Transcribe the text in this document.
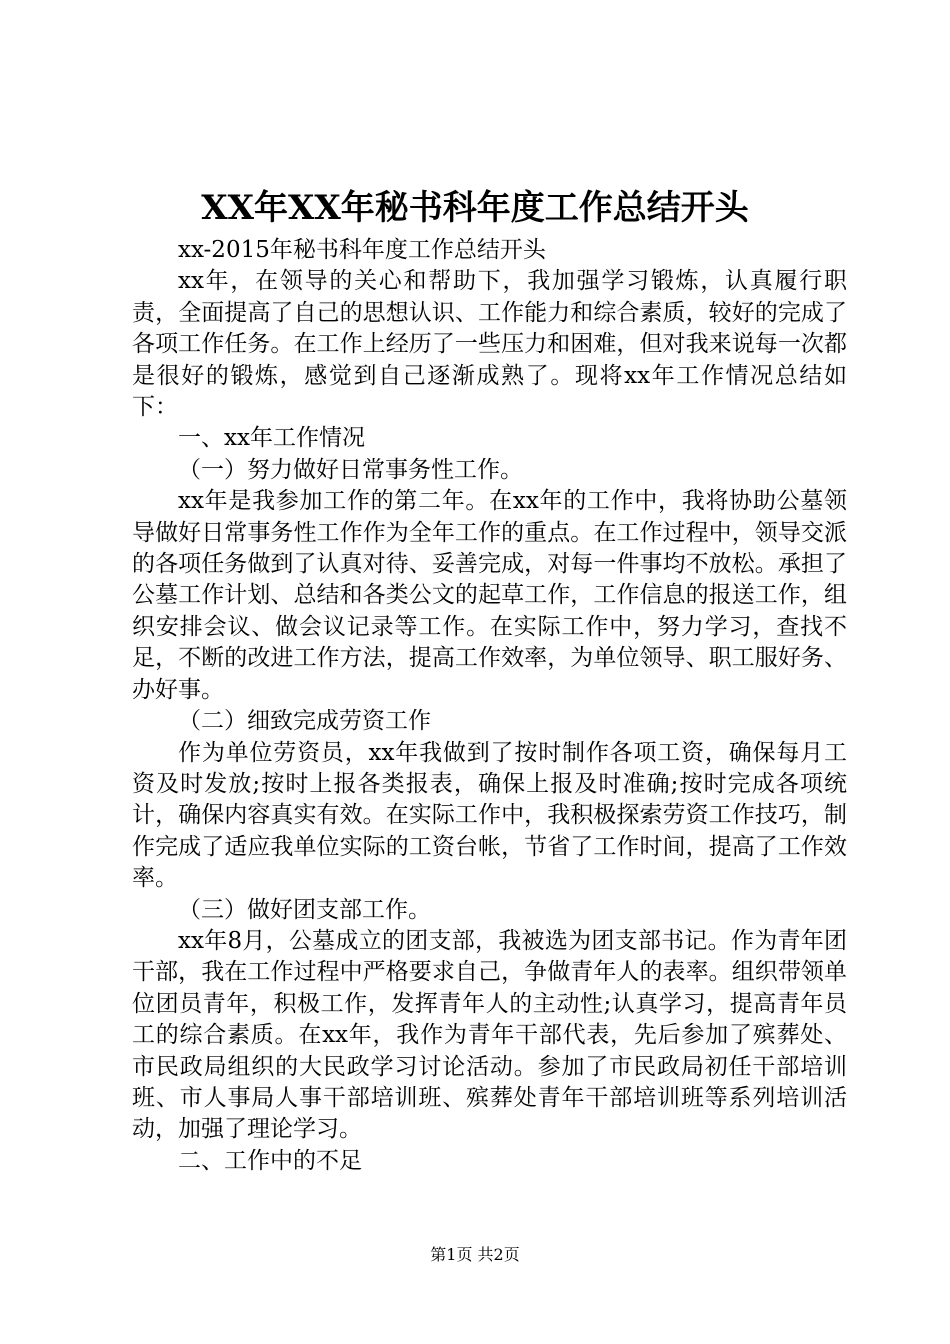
XX年XX年秘书科年度工作总结开头

xx-2015年秘书科年度工作总结开头

xx年，在领导的关心和帮助下，我加强学习锻炼，认真履行职责，全面提高了自己的思想认识、工作能力和综合素质，较好的完成了各项工作任务。在工作上经历了一些压力和困难，但对我来说每一次都是很好的锻炼，感觉到自己逐渐成熟了。现将xx年工作情况总结如下：

一、xx年工作情况

（一）努力做好日常事务性工作。

xx年是我参加工作的第二年。在xx年的工作中，我将协助公墓领导做好日常事务性工作作为全年工作的重点。在工作过程中，领导交派的各项任务做到了认真对待、妥善完成，对每一件事均不放松。承担了公墓工作计划、总结和各类公文的起草工作，工作信息的报送工作，组织安排会议、做会议记录等工作。在实际工作中，努力学习，查找不足，不断的改进工作方法，提高工作效率，为单位领导、职工服好务、办好事。

（二）细致完成劳资工作

作为单位劳资员，xx年我做到了按时制作各项工资，确保每月工资及时发放;按时上报各类报表，确保上报及时准确;按时完成各项统计，确保内容真实有效。在实际工作中，我积极探索劳资工作技巧，制作完成了适应我单位实际的工资台帐，节省了工作时间，提高了工作效率。

（三）做好团支部工作。

xx年8月，公墓成立的团支部，我被选为团支部书记。作为青年团干部，我在工作过程中严格要求自己，争做青年人的表率。组织带领单位团员青年，积极工作，发挥青年人的主动性;认真学习，提高青年员工的综合素质。在xx年，我作为青年干部代表，先后参加了殡葬处、市民政局组织的大民政学习讨论活动。参加了市民政局初任干部培训班、市人事局人事干部培训班、殡葬处青年干部培训班等系列培训活动，加强了理论学习。

二、工作中的不足

第1页 共2页
